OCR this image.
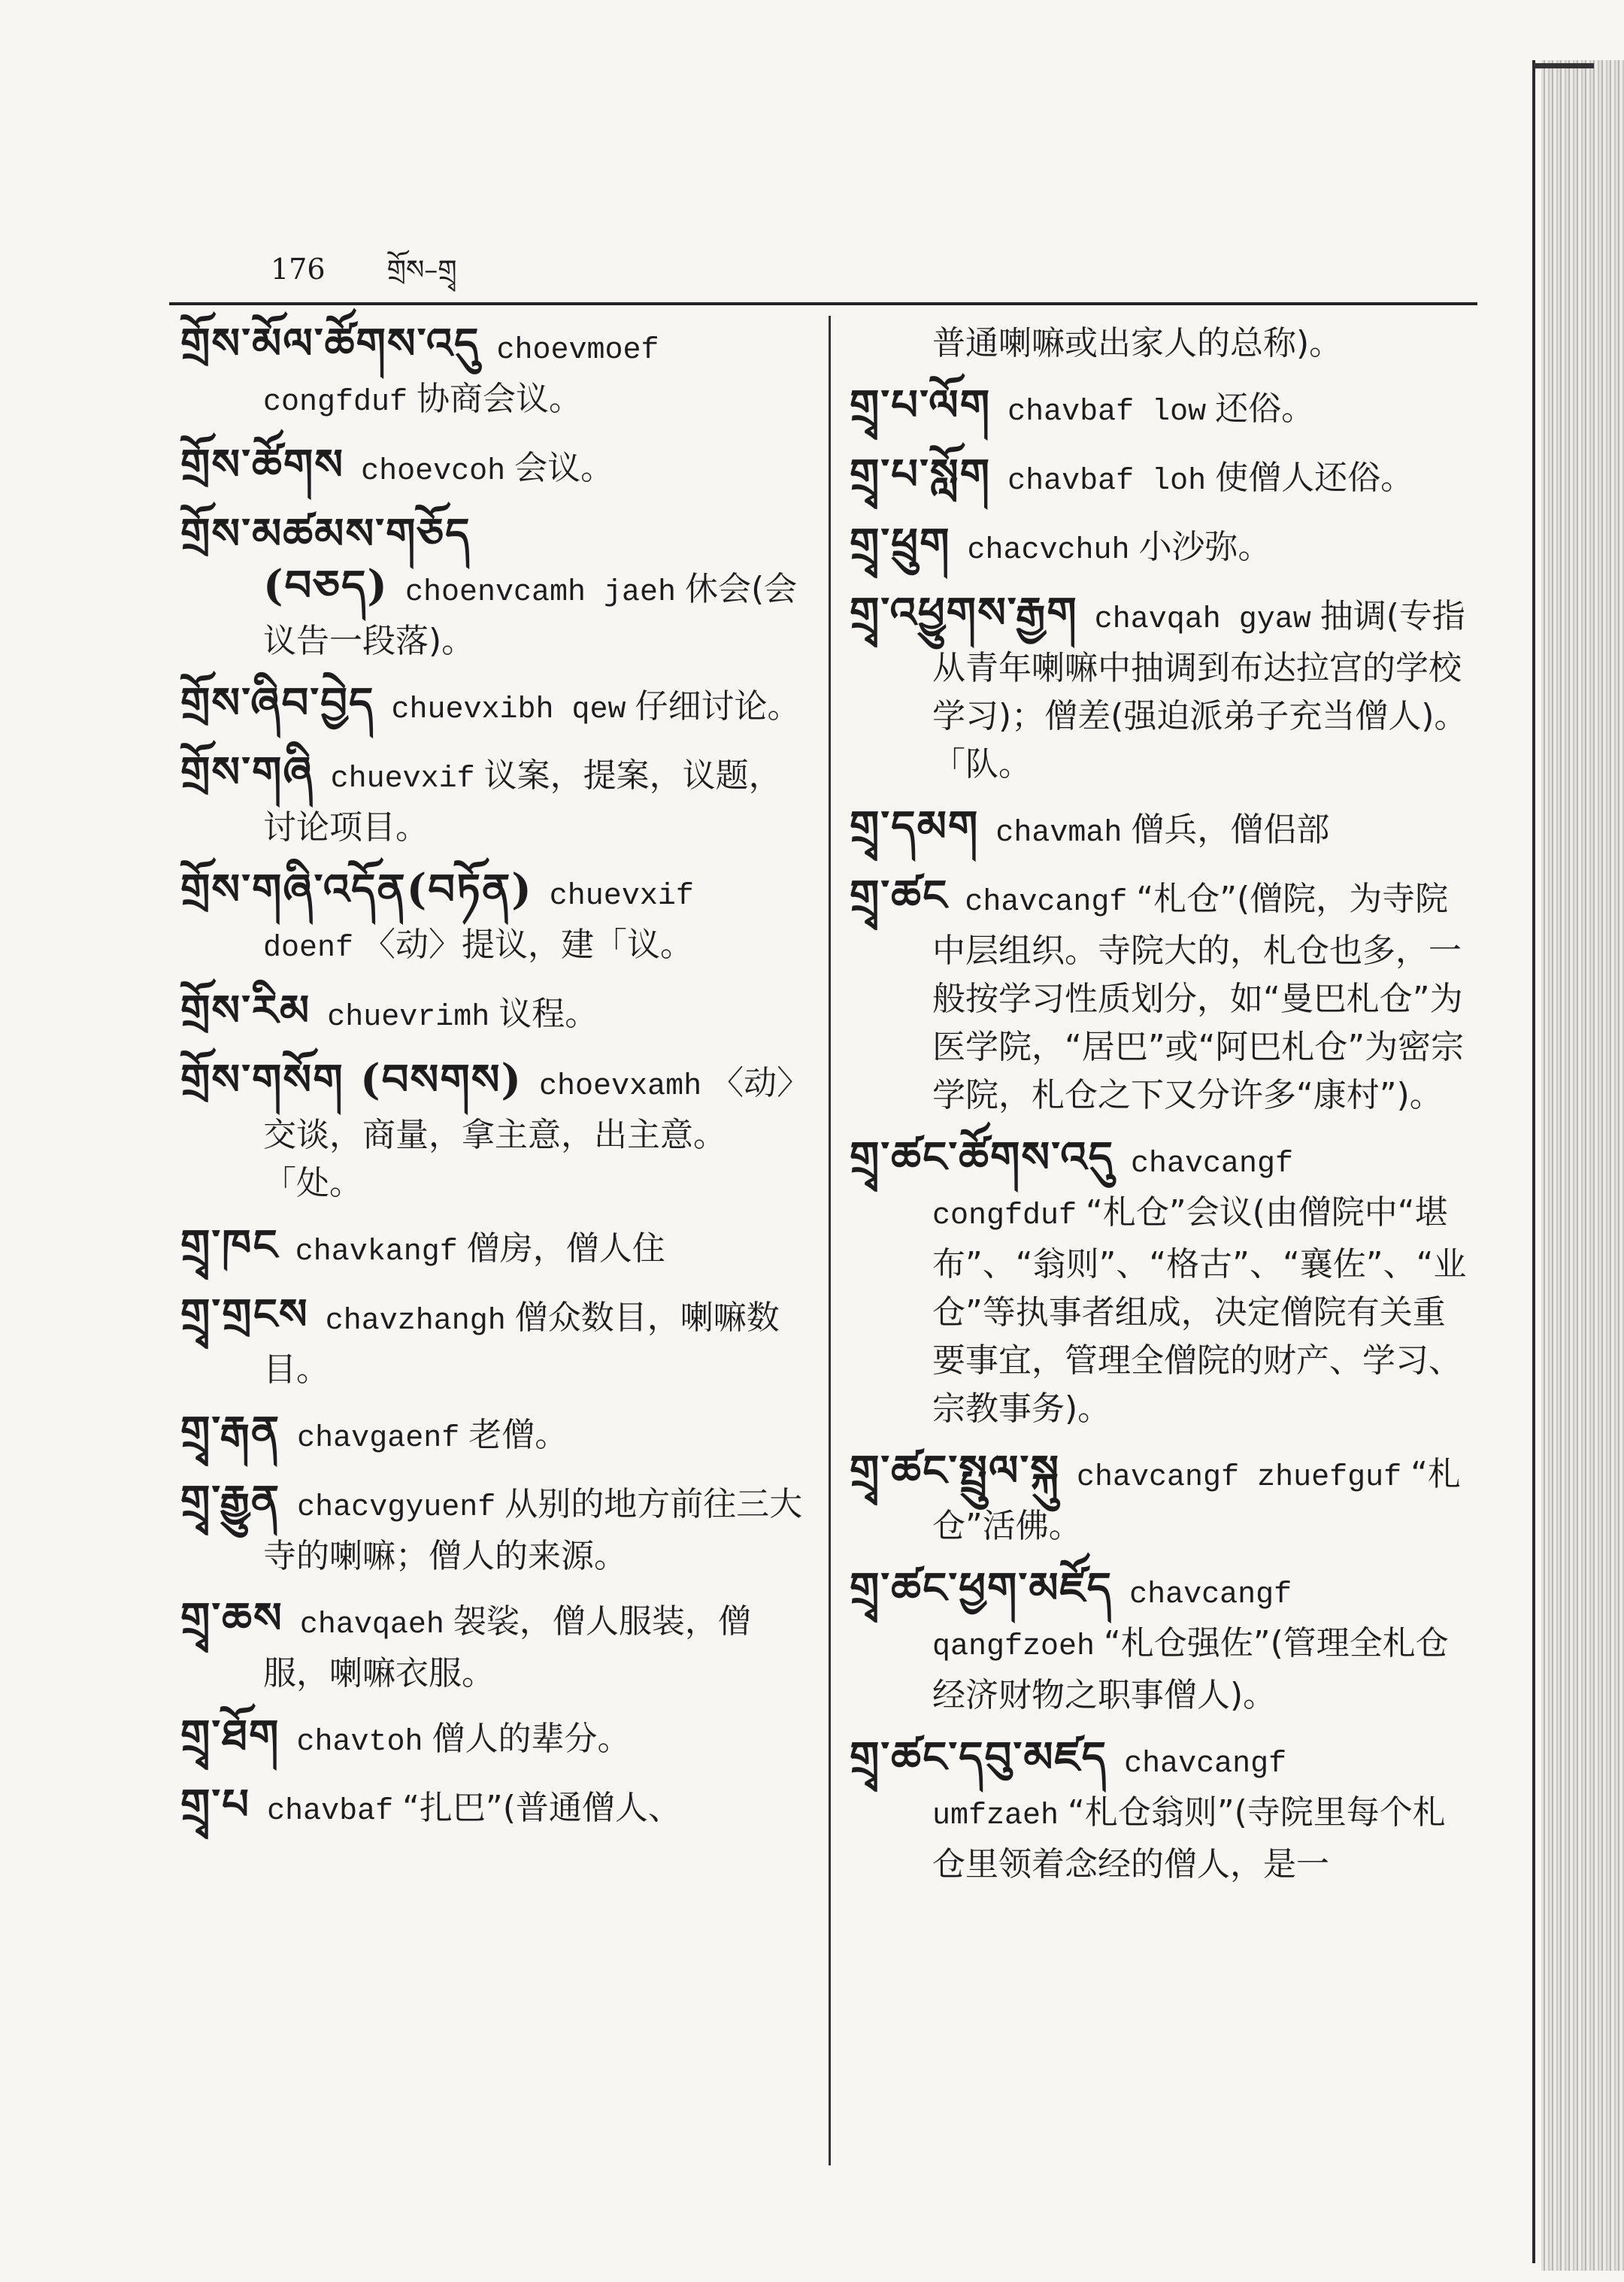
176 གྲོས–གྲྭ
གྲོས་མོལ་ཚོགས་འདུ choevmoef congfduf 协商会议。
གྲོས་ཚོགས choevcoh 会议。
གྲོས་མཚམས་གཅོད (བཅད) choenvcamh jaeh 休会(会议告一段落)。
གྲོས་ཞིབ་བྱེད chuevxibh qew 仔细讨论。
གྲོས་གཞི chuevxif 议案，提案，议题，讨论项目。
གྲོས་གཞི་འདོན(བཏོན) chuevxif doenf 〈动〉提议，建「议。
གྲོས་རིམ chuevrimh 议程。
གྲོས་གསོག (བསགས) choevxamh 〈动〉交谈，商量，拿主意，出主意。「处。
གྲྭ་ཁང chavkangf 僧房，僧人住
གྲྭ་གྲངས chavzhangh 僧众数目，喇嘛数目。
གྲྭ་རྒན chavgaenf 老僧。
གྲྭ་རྒྱུན chacvgyuenf 从别的地方前往三大寺的喇嘛；僧人的来源。
གྲྭ་ཆས chavqaeh 袈裟，僧人服装，僧服，喇嘛衣服。
གྲྭ་ཐོག chavtoh 僧人的辈分。
གྲྭ་པ chavbaf “扎巴”(普通僧人、
普通喇嘛或出家人的总称)。
གྲྭ་པ་ལོག chavbaf low 还俗。
གྲྭ་པ་སློག chavbaf loh 使僧人还俗。
གྲྭ་ཕྲུག chacvchuh 小沙弥。
གྲྭ་འཕྱུགས་རྒྱག chavqah gyaw 抽调(专指从青年喇嘛中抽调到布达拉宫的学校学习)；僧差(强迫派弟子充当僧人)。「队。
གྲྭ་དམག chavmah 僧兵，僧侣部
གྲྭ་ཚང chavcangf “札仓”(僧院，为寺院中层组织。寺院大的，札仓也多，一般按学习性质划分，如“曼巴札仓”为医学院，“居巴”或“阿巴札仓”为密宗学院，札仓之下又分许多“康村”)。
གྲྭ་ཚང་ཚོགས་འདུ chavcangf congfduf “札仓”会议(由僧院中“堪布”、“翁则”、“格古”、“襄佐”、“业仓”等执事者组成，决定僧院有关重要事宜，管理全僧院的财产、学习、宗教事务)。
གྲྭ་ཚང་སྤྲུལ་སྐུ chavcangf zhuefguf “札仓”活佛。
གྲྭ་ཚང་ཕྱག་མཛོད chavcangf qangfzoeh “札仓强佐”(管理全札仓经济财物之职事僧人)。
གྲྭ་ཚང་དབུ་མཛད chavcangf umfzaeh “札仓翁则”(寺院里每个札仓里领着念经的僧人，是一
